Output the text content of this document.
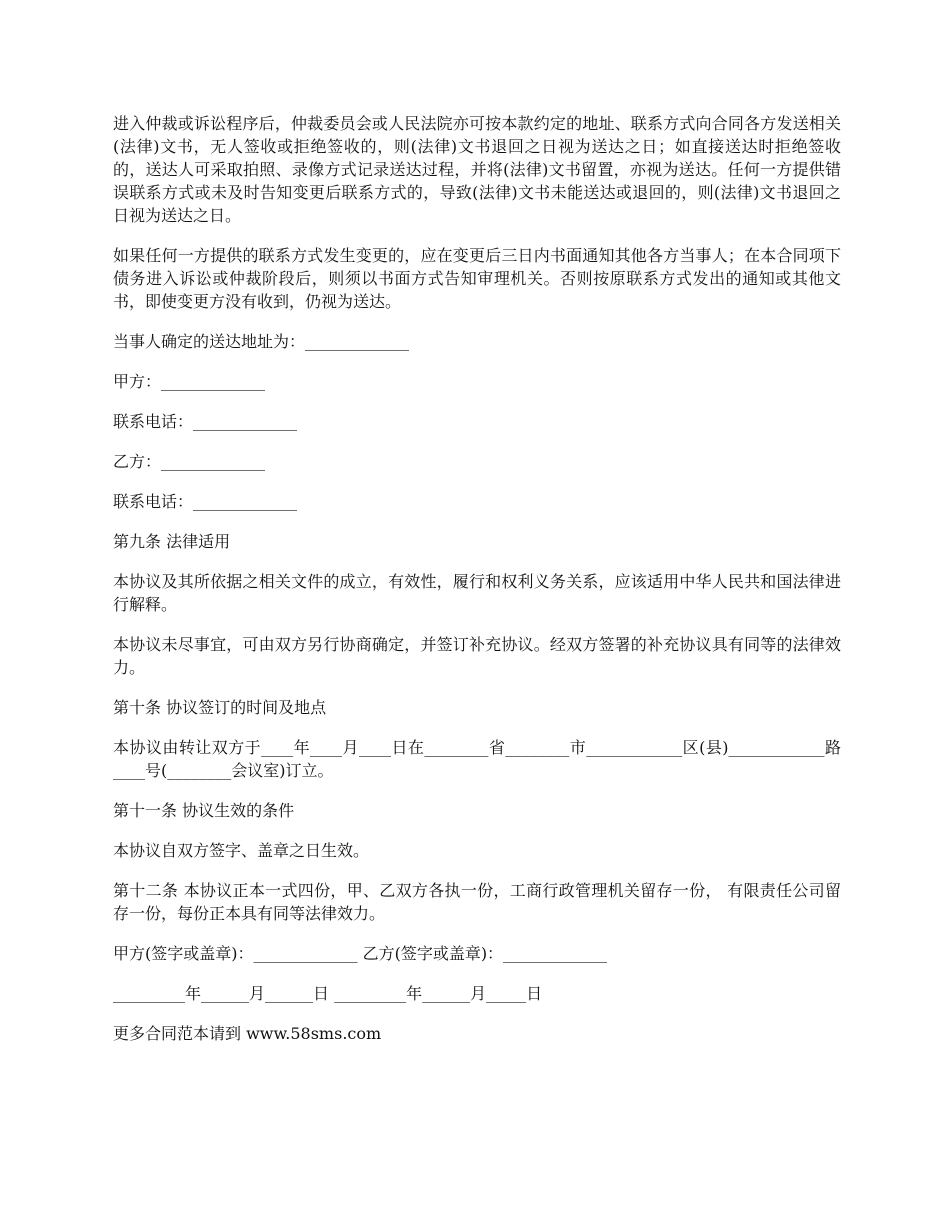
进入仲裁或诉讼程序后，仲裁委员会或人民法院亦可按本款约定的地址、联系方式向合同各方发送相关(法律)文书，无人签收或拒绝签收的，则(法律)文书退回之日视为送达之日；如直接送达时拒绝签收的，送达人可采取拍照、录像方式记录送达过程，并将(法律)文书留置，亦视为送达。任何一方提供错误联系方式或未及时告知变更后联系方式的，导致(法律)文书未能送达或退回的，则(法律)文书退回之日视为送达之日。

如果任何一方提供的联系方式发生变更的，应在变更后三日内书面通知其他各方当事人；在本合同项下债务进入诉讼或仲裁阶段后，则须以书面方式告知审理机关。否则按原联系方式发出的通知或其他文书，即使变更方没有收到，仍视为送达。

当事人确定的送达地址为：_____________

甲方：_____________

联系电话：_____________

乙方：_____________

联系电话：_____________

第九条 法律适用

本协议及其所依据之相关文件的成立，有效性，履行和权利义务关系，应该适用中华人民共和国法律进行解释。

本协议未尽事宜，可由双方另行协商确定，并签订补充协议。经双方签署的补充协议具有同等的法律效力。

第十条 协议签订的时间及地点

本协议由转让双方于____年____月____日在________省________市____________区(县)____________路____号(________会议室)订立。

第十一条 协议生效的条件

本协议自双方签字、盖章之日生效。

第十二条 本协议正本一式四份，甲、乙双方各执一份，工商行政管理机关留存一份， 有限责任公司留存一份，每份正本具有同等法律效力。

甲方(签字或盖章)：_____________ 乙方(签字或盖章)：_____________

_________年______月______日 _________年______月_____日

更多合同范本请到 www.58sms.com
